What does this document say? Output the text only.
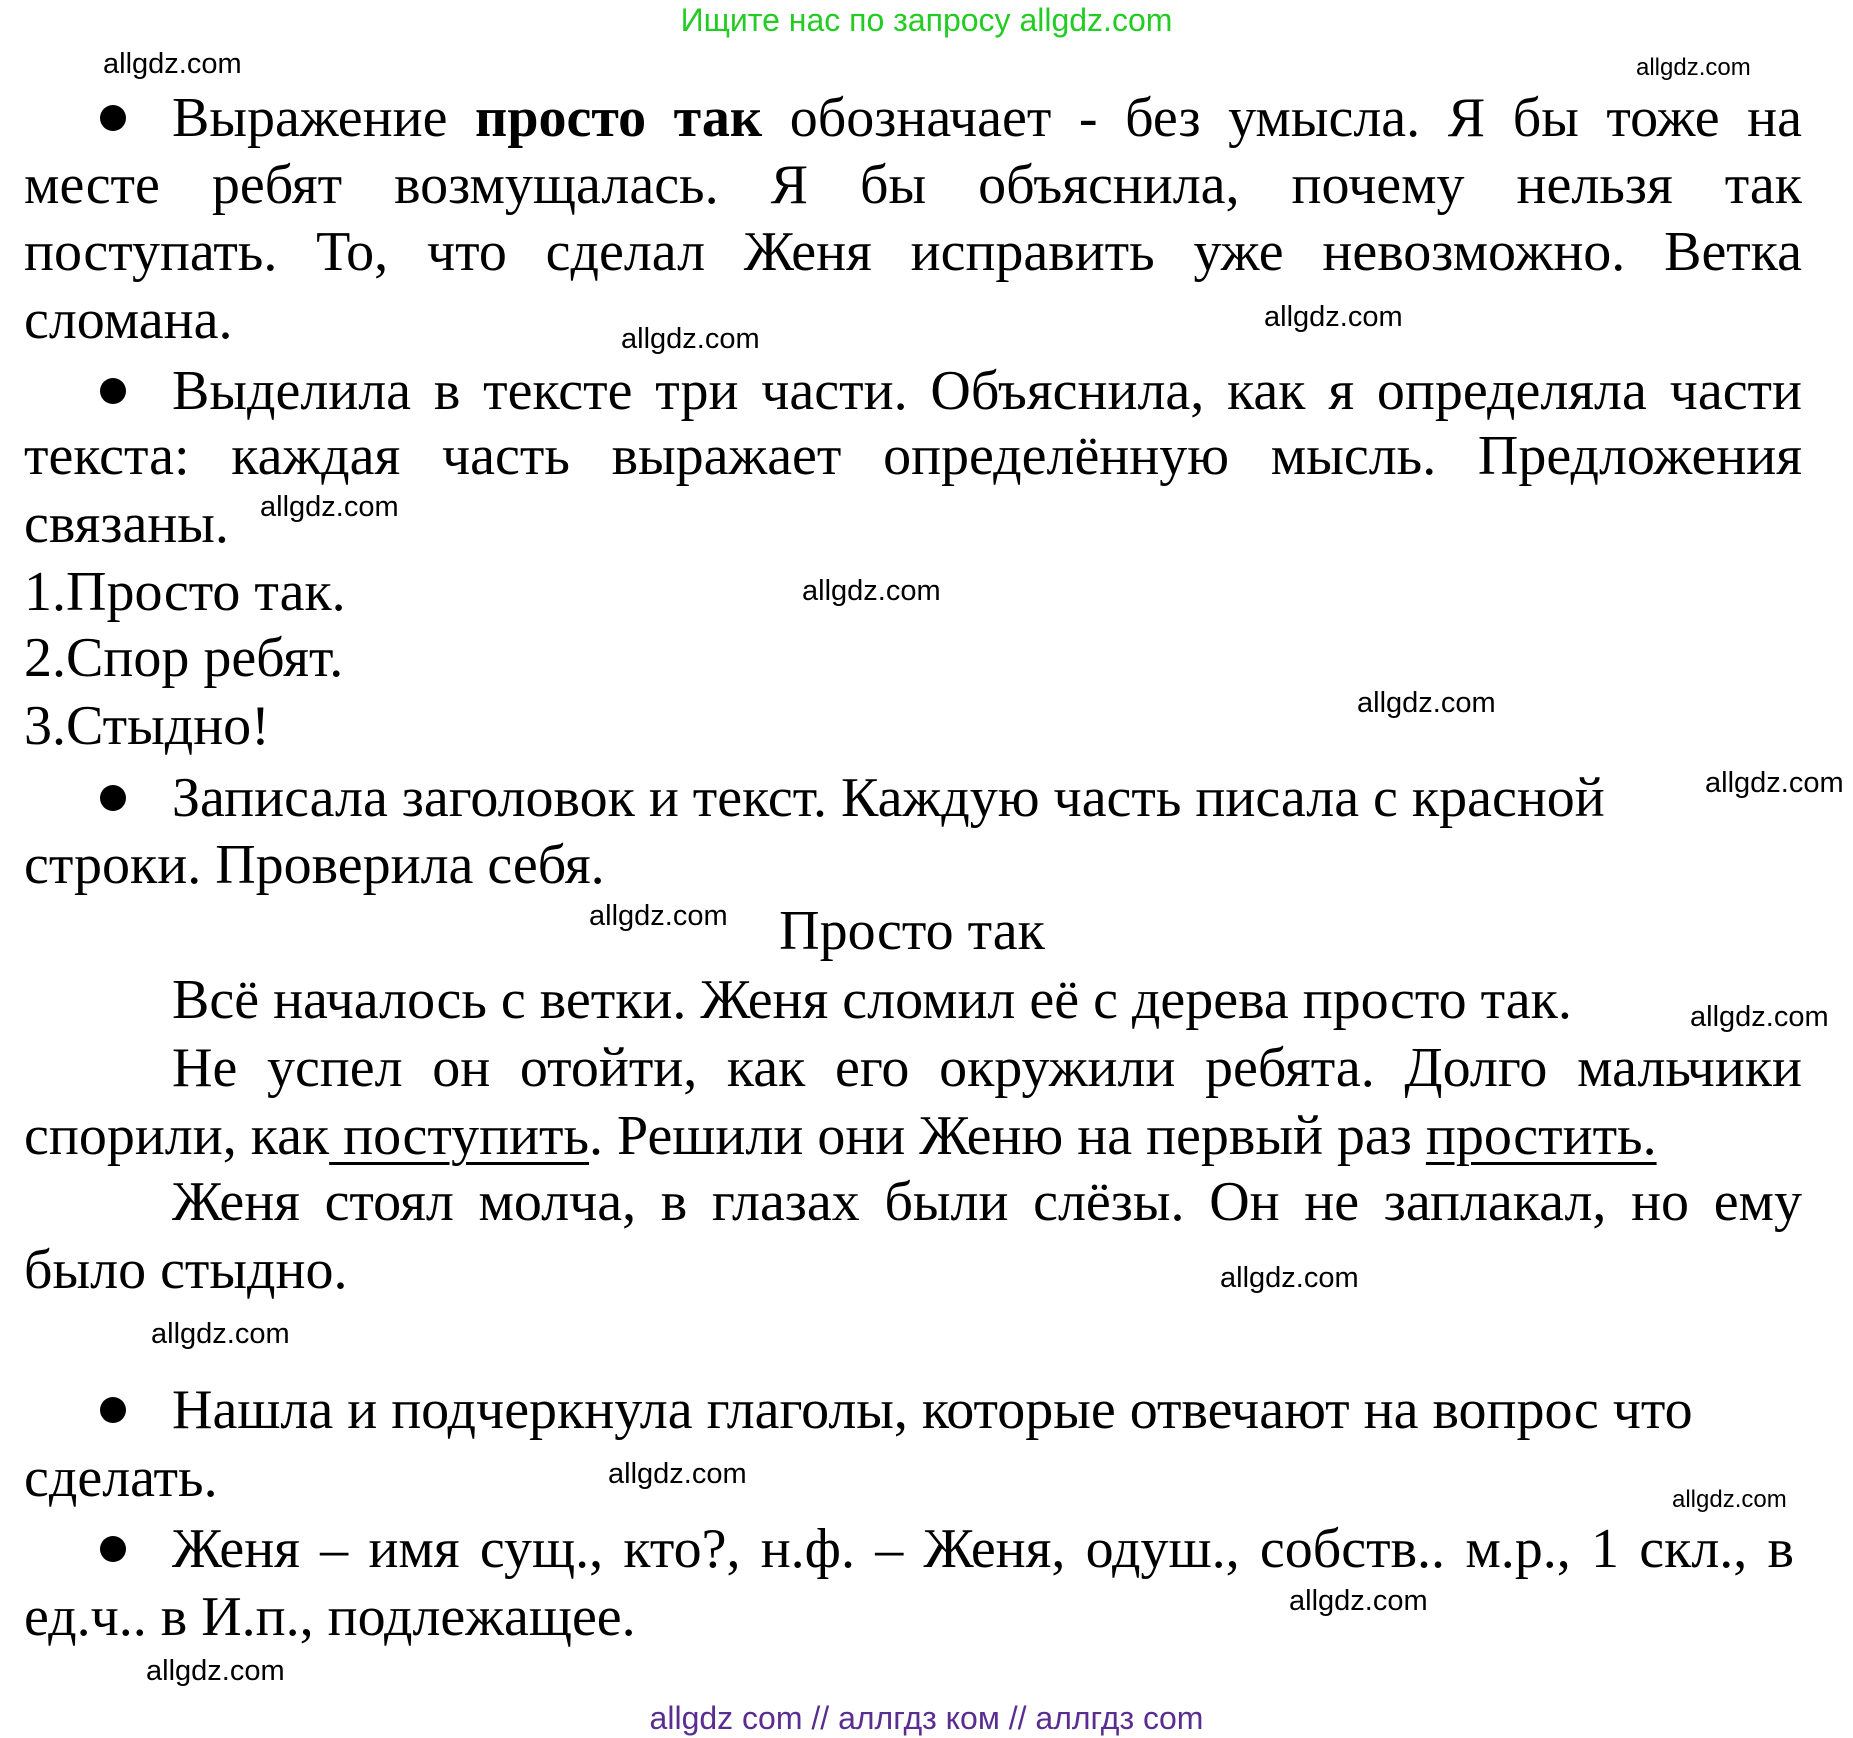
Ищите нас по запросу allgdz.com
Выражение просто так обозначает - без умысла. Я бы тоже на
месте ребят возмущалась. Я бы объяснила, почему нельзя так
поступать. То, что сделал Женя исправить уже невозможно. Ветка
сломана.
Выделила в тексте три части. Объяснила, как я определяла части
текста: каждая часть выражает определённую мысль. Предложения
связаны.
1.Просто так.
2.Спор ребят.
3.Стыдно!
Записала заголовок и текст. Каждую часть писала с красной
строки. Проверила себя.
Просто так
Всё началось с ветки. Женя сломил её с дерева просто так.
Не успел он отойти, как его окружили ребята. Долго мальчики
спорили, как поступить. Решили они Женю на первый раз простить.
Женя стоял молча, в глазах были слёзы. Он не заплакал, но ему
было стыдно.
Нашла и подчеркнула глаголы, которые отвечают на вопрос что
сделать.
Женя – имя сущ., кто?, н.ф. – Женя, одуш., собств.. м.р., 1 скл., в
ед.ч.. в И.п., подлежащее.
allgdz.com	allgdz.com
allgdz.com
allgdz.com
allgdz.com
allgdz.com
allgdz.com
allgdz.com
allgdz.com
allgdz.com
allgdz.com
allgdz.com
allgdz.com
allgdz.com
allgdz.com
allgdz.com
allgdz com // аллгдз ком // аллгдз com
